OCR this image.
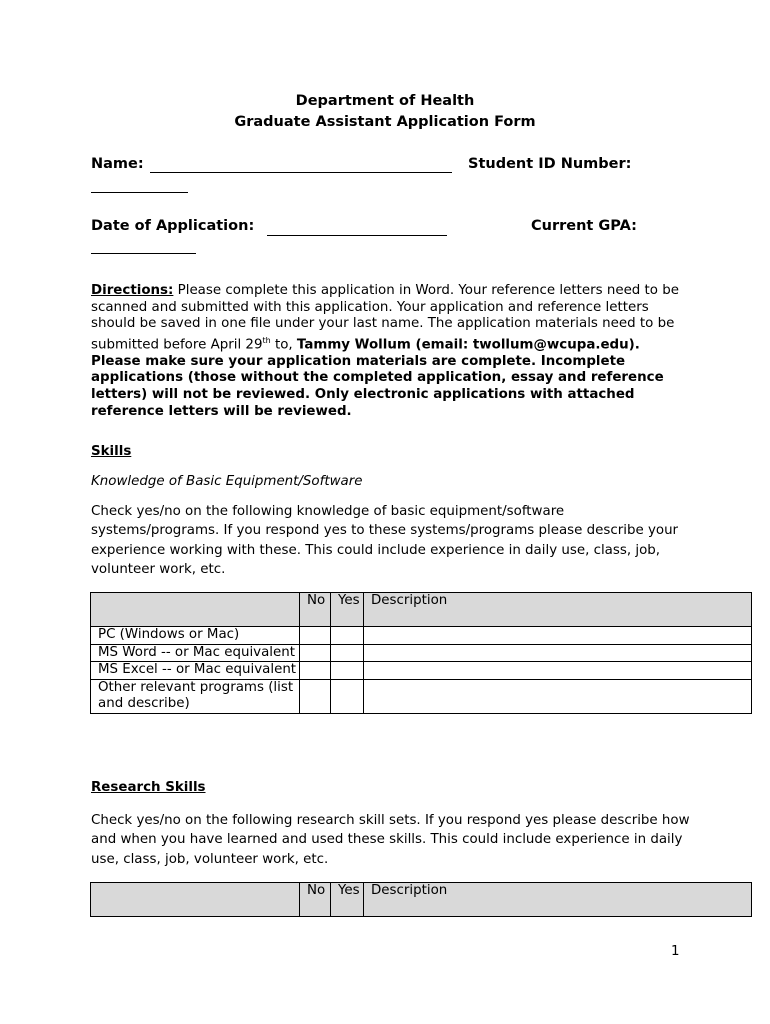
Department of Health
Graduate Assistant Application Form
Name:	Student ID Number:
Date of Application:	Current GPA:
Directions: Please complete this application in Word. Your reference letters need to be scanned and submitted with this application. Your application and reference letters should be saved in one file under your last name. The application materials need to be submitted before April 29th to, Tammy Wollum (email: twollum@wcupa.edu). Please make sure your application materials are complete. Incomplete applications (those without the completed application, essay and reference letters) will not be reviewed. Only electronic applications with attached reference letters will be reviewed.
Skills
Knowledge of Basic Equipment/Software
Check yes/no on the following knowledge of basic equipment/software systems/programs. If you respond yes to these systems/programs please describe your experience working with these. This could include experience in daily use, class, job, volunteer work, etc.
	No	Yes	Description
PC (Windows or Mac)			
MS Word -- or Mac equivalent			
MS Excel -- or Mac equivalent			
Other relevant programs (list and describe)			
Research Skills
Check yes/no on the following research skill sets. If you respond yes please describe how and when you have learned and used these skills. This could include experience in daily use, class, job, volunteer work, etc.
	No	Yes	Description
1
